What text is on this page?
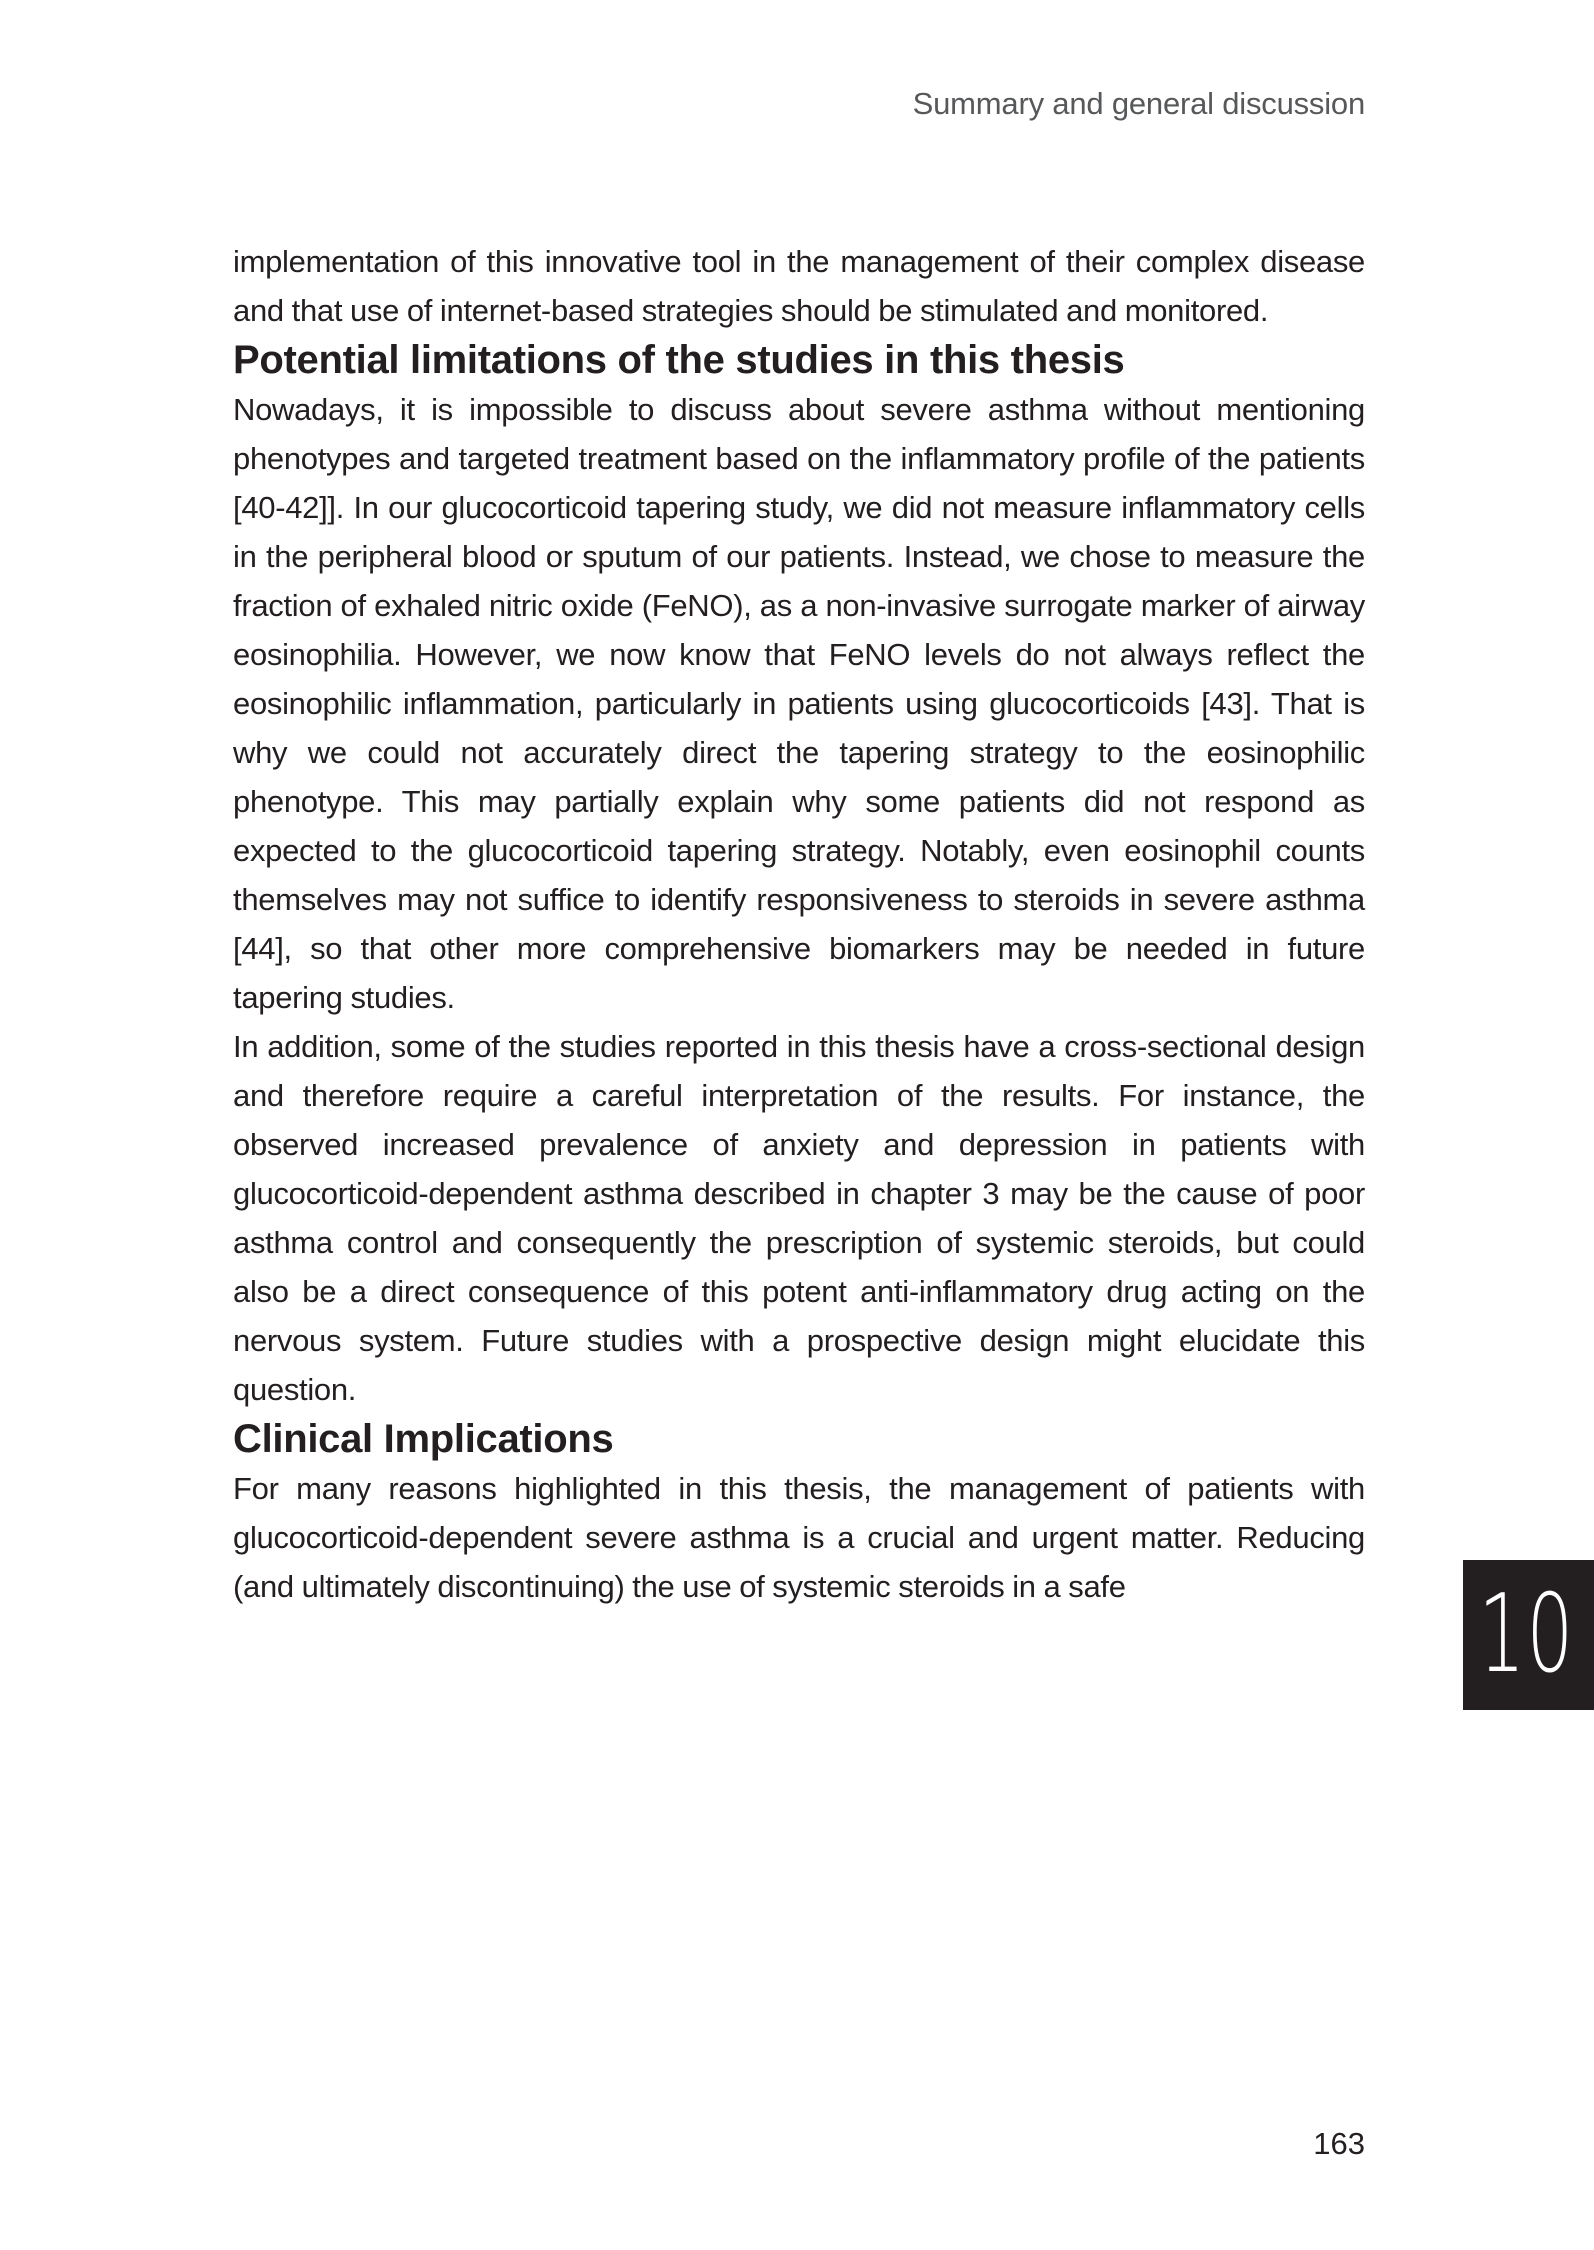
Summary and general discussion

implementation of this innovative tool in the management of their complex disease and that use of internet-based strategies should be stimulated and monitored.

Potential limitations of the studies in this thesis

Nowadays, it is impossible to discuss about severe asthma without mentioning phenotypes and targeted treatment based on the inflammatory profile of the patients [40-42]]. In our glucocorticoid tapering study, we did not measure inflammatory cells in the peripheral blood or sputum of our patients. Instead, we chose to measure the fraction of exhaled nitric oxide (FeNO), as a non-invasive surrogate marker of airway eosinophilia. However, we now know that FeNO levels do not always reflect the eosinophilic inflammation, particularly in patients using glucocorticoids [43]. That is why we could not accurately direct the tapering strategy to the eosinophilic phenotype. This may partially explain why some patients did not respond as expected to the glucocorticoid tapering strategy. Notably, even eosinophil counts themselves may not suffice to identify responsiveness to steroids in severe asthma [44], so that other more comprehensive biomarkers may be needed in future tapering studies.

In addition, some of the studies reported in this thesis have a cross-sectional design and therefore require a careful interpretation of the results. For instance, the observed increased prevalence of anxiety and depression in patients with glucocorticoid-dependent asthma described in chapter 3 may be the cause of poor asthma control and consequently the prescription of systemic steroids, but could also be a direct consequence of this potent anti-inflammatory drug acting on the nervous system. Future studies with a prospective design might elucidate this question.

Clinical Implications

For many reasons highlighted in this thesis, the management of patients with glucocorticoid-dependent severe asthma is a crucial and urgent matter. Reducing (and ultimately discontinuing) the use of systemic steroids in a safe	10
163
